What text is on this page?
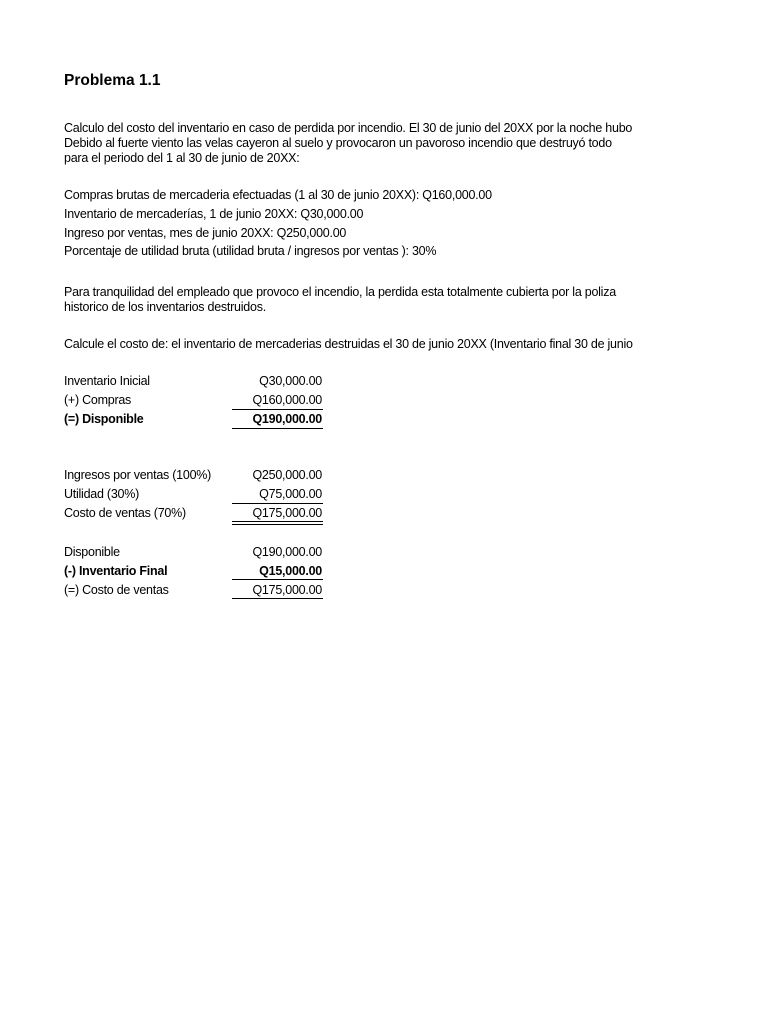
Problema 1.1
Calculo del costo del inventario en caso de perdida por incendio. El 30 de junio del 20XX por la noche hubo
Debido al fuerte viento las velas cayeron al suelo y provocaron un pavoroso incendio que destruyó todo
para el periodo del 1 al 30 de junio de 20XX:
Compras brutas de mercaderia efectuadas (1 al 30 de junio 20XX): Q160,000.00
Inventario de mercaderías, 1 de junio 20XX: Q30,000.00
Ingreso por ventas, mes de junio 20XX: Q250,000.00
Porcentaje de utilidad bruta (utilidad bruta / ingresos por ventas ): 30%
Para tranquilidad del empleado que provoco el incendio, la perdida esta totalmente cubierta por la poliza
historico de los inventarios destruidos.
Calcule el costo de: el inventario de mercaderias destruidas el 30 de junio 20XX (Inventario final 30 de junio
Inventario Inicial	Q30,000.00
(+) Compras	Q160,000.00
(=) Disponible	Q190,000.00
Ingresos por ventas (100%)	Q250,000.00
Utilidad (30%)	Q75,000.00
Costo de ventas (70%)	Q175,000.00
Disponible	Q190,000.00
(-) Inventario Final	Q15,000.00
(=) Costo de ventas	Q175,000.00
